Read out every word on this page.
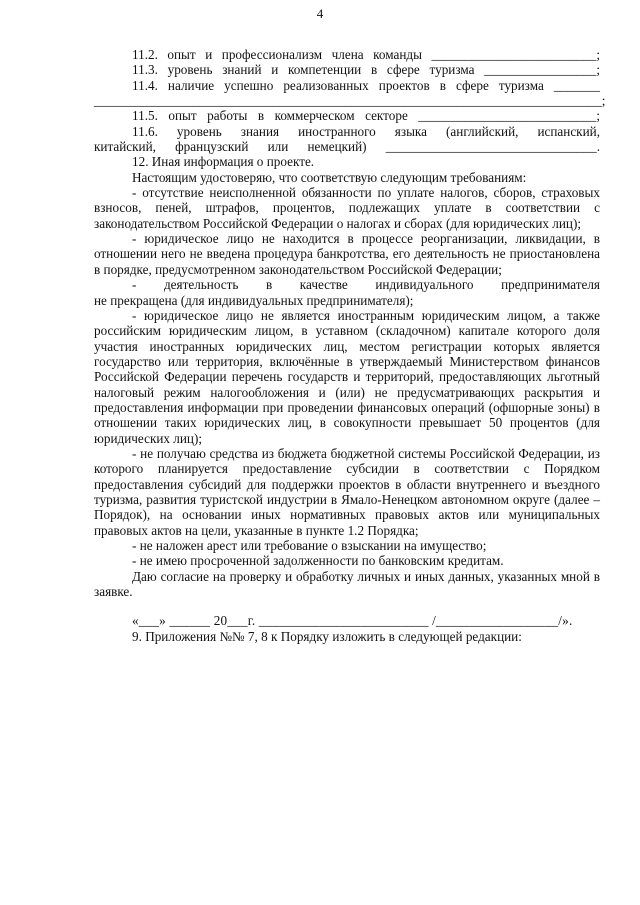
4

11.2. опыт и профессионализм члена команды _________________________;

11.3. уровень знаний и компетенции в сфере туризма _________________;

11.4. наличие успешно реализованных проектов в сфере туризма _______

_____________________________________________________________________________;

11.5. опыт работы в коммерческом секторе ___________________________;

11.6. уровень знания иностранного языка (английский, испанский,

китайский, французский или немецкий) ________________________________.

12. Иная информация о проекте.

Настоящим удостоверяю, что соответствую следующим требованиям:

- отсутствие неисполненной обязанности по уплате налогов, сборов, страховых взносов, пеней, штрафов, процентов, подлежащих уплате в соответствии с законодательством Российской Федерации о налогах и сборах (для юридических лиц);

- юридическое лицо не находится в процессе реорганизации, ликвидации, в отношении него не введена процедура банкротства, его деятельность не приостановлена в порядке, предусмотренном законодательством Российской Федерации;

- деятельность в качестве индивидуального предпринимателя

не прекращена (для индивидуальных предпринимателя);

- юридическое лицо не является иностранным юридическим лицом, а также российским юридическим лицом, в уставном (складочном) капитале которого доля участия иностранных юридических лиц, местом регистрации которых является государство или территория, включённые в утверждаемый Министерством финансов Российской Федерации перечень государств и территорий, предоставляющих льготный налоговый режим налогообложения и (или) не предусматривающих раскрытия и предоставления информации при проведении финансовых операций (офшорные зоны) в отношении таких юридических лиц, в совокупности превышает 50 процентов (для юридических лиц);

- не получаю средства из бюджета бюджетной системы Российской Федерации, из которого планируется предоставление субсидии в соответствии с Порядком предоставления субсидий для поддержки проектов в области внутреннего и въездного туризма, развития туристской индустрии в Ямало-Ненецком автономном округе (далее – Порядок), на основании иных нормативных правовых актов или муниципальных правовых актов на цели, указанные в пункте 1.2 Порядка;

- не наложен арест или требование о взыскании на имущество;

- не имею просроченной задолженности по банковским кредитам.

Даю согласие на проверку и обработку личных и иных данных, указанных мной в заявке.

«___» ______ 20___г. _________________________ /__________________/».

9. Приложения №№ 7, 8 к Порядку изложить в следующей редакции:
